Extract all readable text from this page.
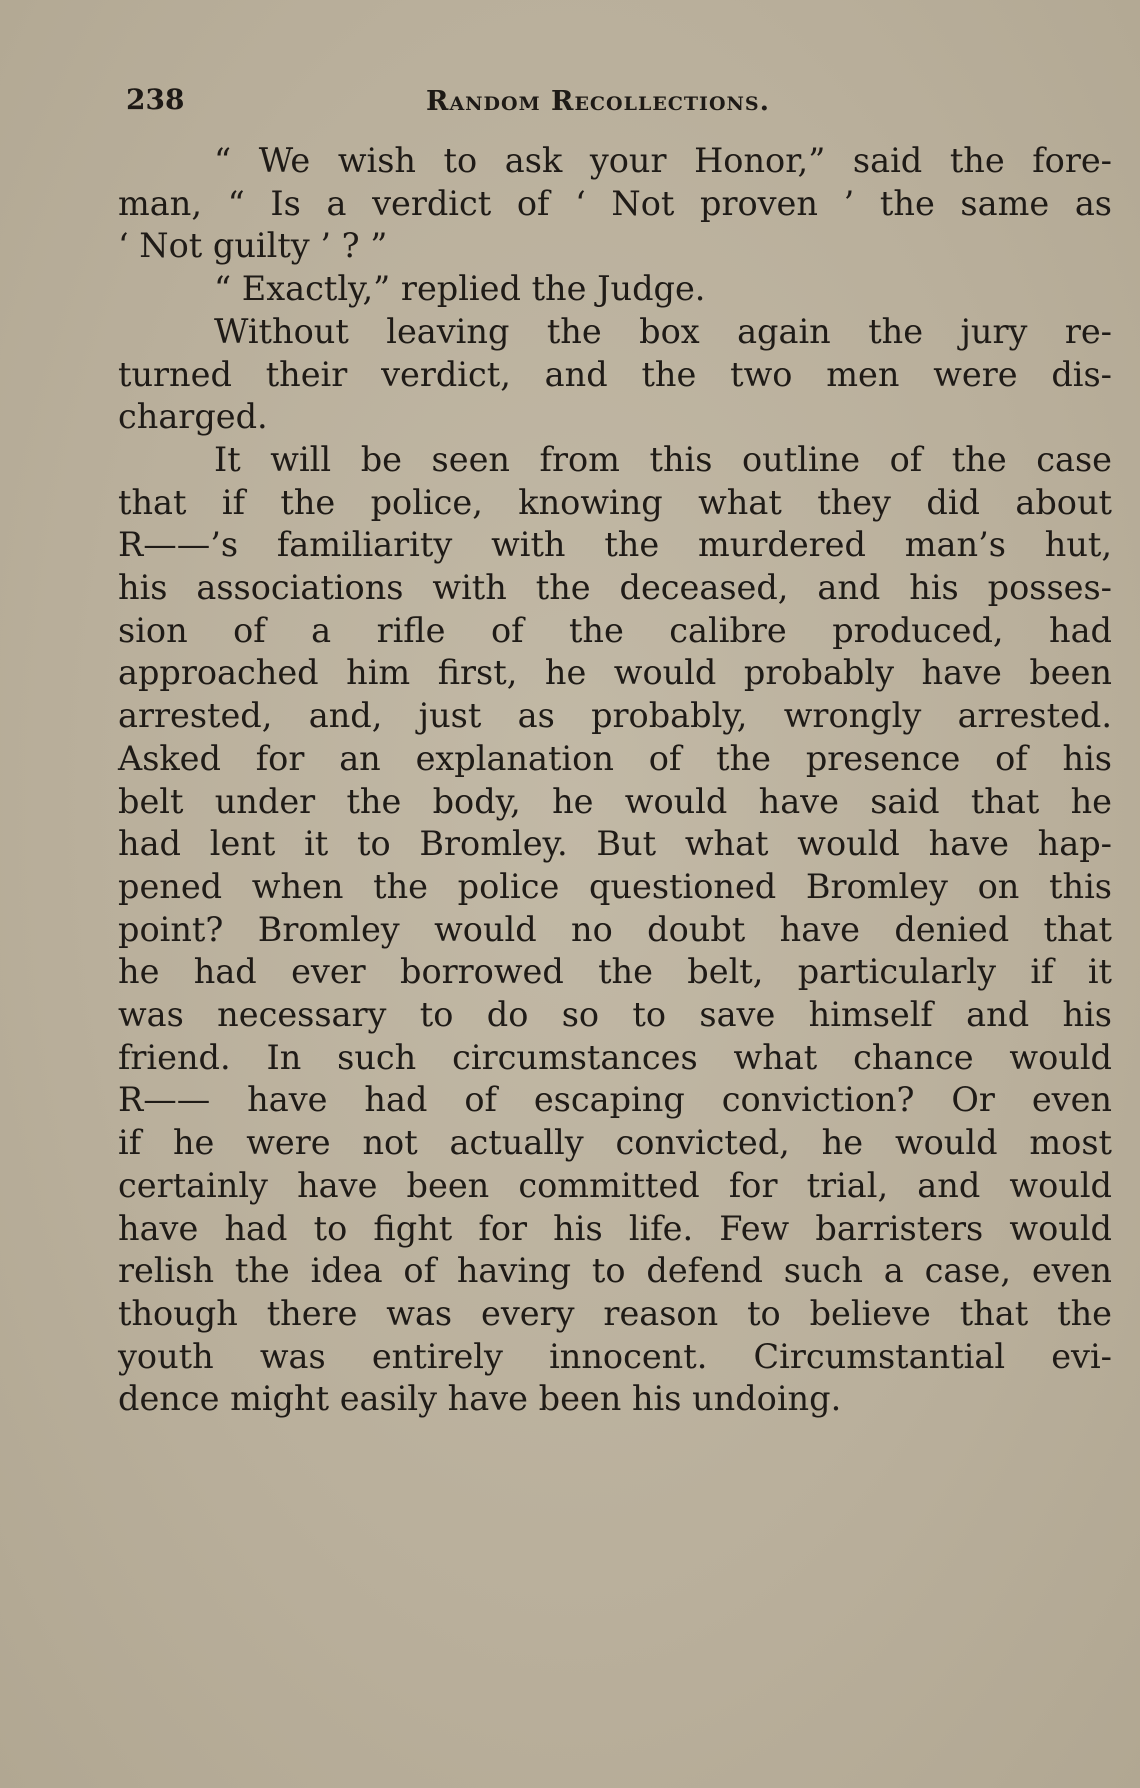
238	Random Recollections.
“ We wish to ask your Honor,” said the fore-
man, “ Is a verdict of ‘ Not proven ’ the same as
‘ Not guilty ’ ? ”
“ Exactly,” replied the Judge.
Without leaving the box again the jury re-
turned their verdict, and the two men were dis-
charged.
It will be seen from this outline of the case
that if the police, knowing what they did about
R——’s familiarity with the murdered man’s hut,
his associations with the deceased, and his posses-
sion of a rifle of the calibre produced, had
approached him first, he would probably have been
arrested, and, just as probably, wrongly arrested.
Asked for an explanation of the presence of his
belt under the body, he would have said that he
had lent it to Bromley. But what would have hap-
pened when the police questioned Bromley on this
point? Bromley would no doubt have denied that
he had ever borrowed the belt, particularly if it
was necessary to do so to save himself and his
friend. In such circumstances what chance would
R—— have had of escaping conviction? Or even
if he were not actually convicted, he would most
certainly have been committed for trial, and would
have had to fight for his life. Few barristers would
relish the idea of having to defend such a case, even
though there was every reason to believe that the
youth was entirely innocent. Circumstantial evi-
dence might easily have been his undoing.
